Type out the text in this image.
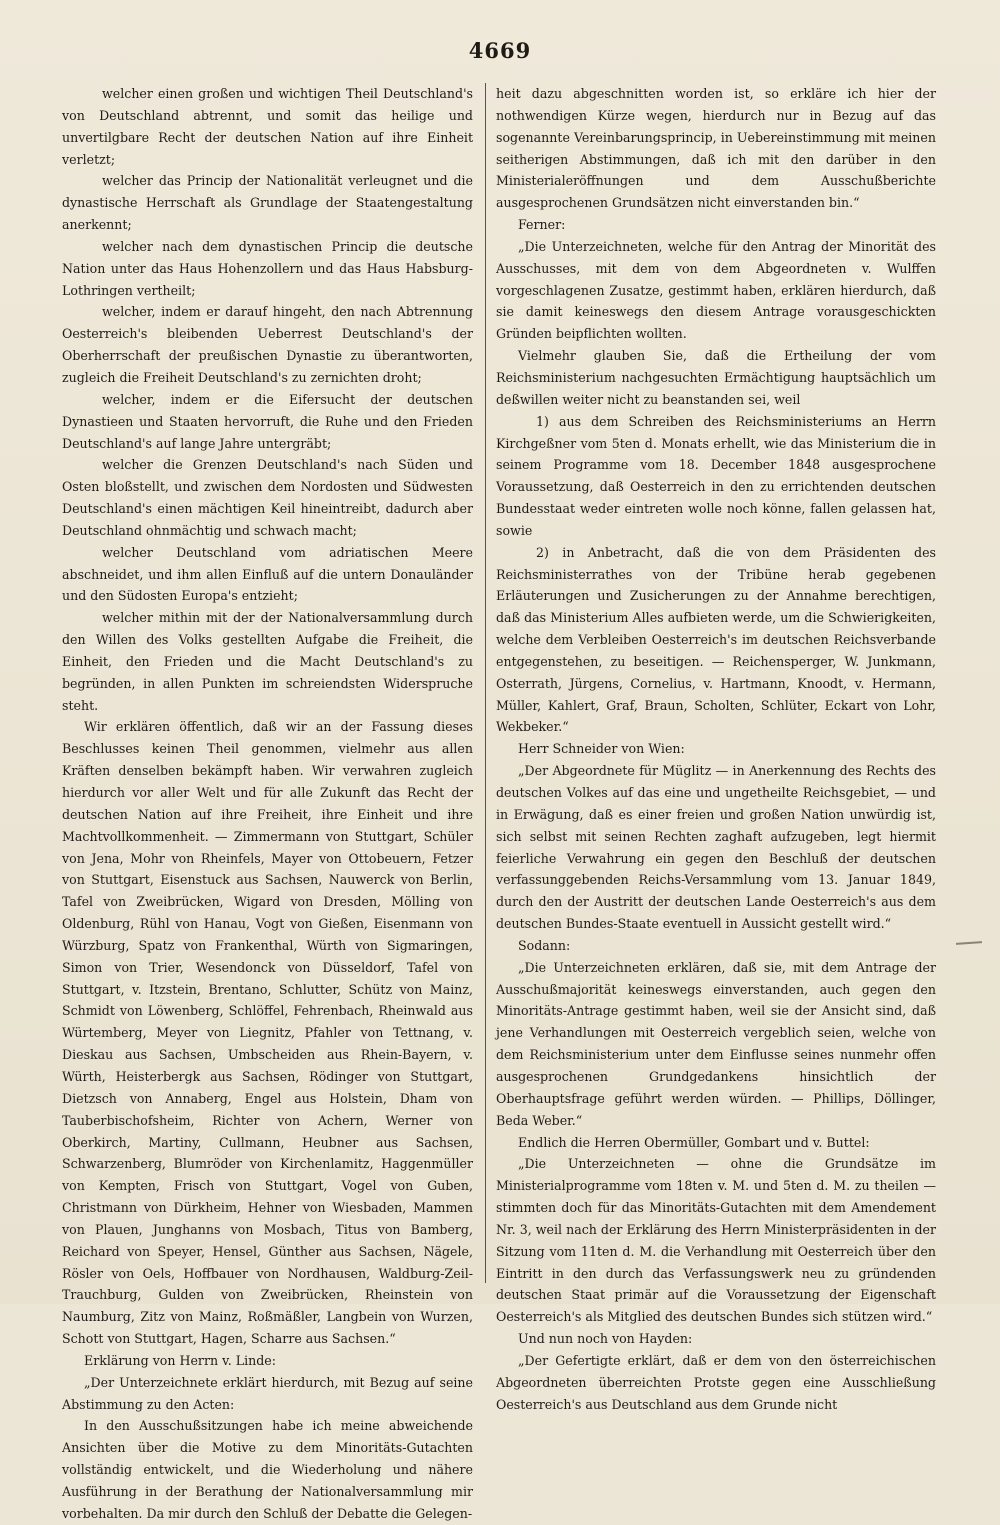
4669

welcher einen großen und wichtigen Theil Deutschland's von Deutschland abtrennt, und somit das heilige und unvertilgbare Recht der deutschen Nation auf ihre Einheit verletzt;

welcher das Princip der Nationalität verleugnet und die dynastische Herrschaft als Grundlage der Staatengestaltung anerkennt;

welcher nach dem dynastischen Princip die deutsche Nation unter das Haus Hohenzollern und das Haus Habsburg-Lothringen vertheilt;

welcher, indem er darauf hingeht, den nach Abtrennung Oesterreich's bleibenden Ueberrest Deutschland's der Oberherrschaft der preußischen Dynastie zu überantworten, zugleich die Freiheit Deutschland's zu zernichten droht;

welcher, indem er die Eifersucht der deutschen Dynastieen und Staaten hervorruft, die Ruhe und den Frieden Deutschland's auf lange Jahre untergräbt;

welcher die Grenzen Deutschland's nach Süden und Osten bloßstellt, und zwischen dem Nordosten und Südwesten Deutschland's einen mächtigen Keil hineintreibt, dadurch aber Deutschland ohnmächtig und schwach macht;

welcher Deutschland vom adriatischen Meere abschneidet, und ihm allen Einfluß auf die untern Donauländer und den Südosten Europa's entzieht;

welcher mithin mit der der Nationalversammlung durch den Willen des Volks gestellten Aufgabe die Freiheit, die Einheit, den Frieden und die Macht Deutschland's zu begründen, in allen Punkten im schreiendsten Widerspruche steht.

Wir erklären öffentlich, daß wir an der Fassung dieses Beschlusses keinen Theil genommen, vielmehr aus allen Kräften denselben bekämpft haben. Wir verwahren zugleich hierdurch vor aller Welt und für alle Zukunft das Recht der deutschen Nation auf ihre Freiheit, ihre Einheit und ihre Machtvollkommenheit. — Zimmermann von Stuttgart, Schüler von Jena, Mohr von Rheinfels, Mayer von Ottobeuern, Fetzer von Stuttgart, Eisenstuck aus Sachsen, Nauwerck von Berlin, Tafel von Zweibrücken, Wigard von Dresden, Mölling von Oldenburg, Rühl von Hanau, Vogt von Gießen, Eisenmann von Würzburg, Spatz von Frankenthal, Würth von Sigmaringen, Simon von Trier, Wesendonck von Düsseldorf, Tafel von Stuttgart, v. Itzstein, Brentano, Schlutter, Schütz von Mainz, Schmidt von Löwenberg, Schlöffel, Fehrenbach, Rheinwald aus Würtemberg, Meyer von Liegnitz, Pfahler von Tettnang, v. Dieskau aus Sachsen, Umbscheiden aus Rhein-Bayern, v. Würth, Heisterbergk aus Sachsen, Rödinger von Stuttgart, Dietzsch von Annaberg, Engel aus Holstein, Dham von Tauberbischofsheim, Richter von Achern, Werner von Oberkirch, Martiny, Cullmann, Heubner aus Sachsen, Schwarzenberg, Blumröder von Kirchenlamitz, Haggenmüller von Kempten, Frisch von Stuttgart, Vogel von Guben, Christmann von Dürkheim, Hehner von Wiesbaden, Mammen von Plauen, Junghanns von Mosbach, Titus von Bamberg, Reichard von Speyer, Hensel, Günther aus Sachsen, Nägele, Rösler von Oels, Hoffbauer von Nordhausen, Waldburg-Zeil-Trauchburg, Gulden von Zweibrücken, Rheinstein von Naumburg, Zitz von Mainz, Roßmäßler, Langbein von Wurzen, Schott von Stuttgart, Hagen, Scharre aus Sachsen.“

Erklärung von Herrn v. Linde:

„Der Unterzeichnete erklärt hierdurch, mit Bezug auf seine Abstimmung zu den Acten:

In den Ausschußsitzungen habe ich meine abweichende Ansichten über die Motive zu dem Minoritäts-Gutachten vollständig entwickelt, und die Wiederholung und nähere Ausführung in der Berathung der Nationalversammlung mir vorbehalten. Da mir durch den Schluß der Debatte die Gelegen-

heit dazu abgeschnitten worden ist, so erkläre ich hier der nothwendigen Kürze wegen, hierdurch nur in Bezug auf das sogenannte Vereinbarungsprincip, in Uebereinstimmung mit meinen seitherigen Abstimmungen, daß ich mit den darüber in den Ministerialeröffnungen und dem Ausschußberichte ausgesprochenen Grundsätzen nicht einverstanden bin.“

Ferner:

„Die Unterzeichneten, welche für den Antrag der Minorität des Ausschusses, mit dem von dem Abgeordneten v. Wulffen vorgeschlagenen Zusatze, gestimmt haben, erklären hierdurch, daß sie damit keineswegs den diesem Antrage vorausgeschickten Gründen beipflichten wollten.

Vielmehr glauben Sie, daß die Ertheilung der vom Reichsministerium nachgesuchten Ermächtigung hauptsächlich um deßwillen weiter nicht zu beanstanden sei, weil

1) aus dem Schreiben des Reichsministeriums an Herrn Kirchgeßner vom 5ten d. Monats erhellt, wie das Ministerium die in seinem Programme vom 18. December 1848 ausgesprochene Voraussetzung, daß Oesterreich in den zu errichtenden deutschen Bundesstaat weder eintreten wolle noch könne, fallen gelassen hat, sowie

2) in Anbetracht, daß die von dem Präsidenten des Reichsministerrathes von der Tribüne herab gegebenen Erläuterungen und Zusicherungen zu der Annahme berechtigen, daß das Ministerium Alles aufbieten werde, um die Schwierigkeiten, welche dem Verbleiben Oesterreich's im deutschen Reichsverbande entgegenstehen, zu beseitigen. — Reichensperger, W. Junkmann, Osterrath, Jürgens, Cornelius, v. Hartmann, Knoodt, v. Hermann, Müller, Kahlert, Graf, Braun, Scholten, Schlüter, Eckart von Lohr, Wekbeker.“

Herr Schneider von Wien:

„Der Abgeordnete für Müglitz — in Anerkennung des Rechts des deutschen Volkes auf das eine und ungetheilte Reichsgebiet, — und in Erwägung, daß es einer freien und großen Nation unwürdig ist, sich selbst mit seinen Rechten zaghaft aufzugeben, legt hiermit feierliche Verwahrung ein gegen den Beschluß der deutschen verfassunggebenden Reichs-Versammlung vom 13. Januar 1849, durch den der Austritt der deutschen Lande Oesterreich's aus dem deutschen Bundes-Staate eventuell in Aussicht gestellt wird.“

Sodann:

„Die Unterzeichneten erklären, daß sie, mit dem Antrage der Ausschußmajorität keineswegs einverstanden, auch gegen den Minoritäts-Antrage gestimmt haben, weil sie der Ansicht sind, daß jene Verhandlungen mit Oesterreich vergeblich seien, welche von dem Reichsministerium unter dem Einflusse seines nunmehr offen ausgesprochenen Grundgedankens hinsichtlich der Oberhauptsfrage geführt werden würden. — Phillips, Döllinger, Beda Weber.“

Endlich die Herren Obermüller, Gombart und v. Buttel:

„Die Unterzeichneten — ohne die Grundsätze im Ministerialprogramme vom 18ten v. M. und 5ten d. M. zu theilen — stimmten doch für das Minoritäts-Gutachten mit dem Amendement Nr. 3, weil nach der Erklärung des Herrn Ministerpräsidenten in der Sitzung vom 11ten d. M. die Verhandlung mit Oesterreich über den Eintritt in den durch das Verfassungswerk neu zu gründenden deutschen Staat primär auf die Voraussetzung der Eigenschaft Oesterreich's als Mitglied des deutschen Bundes sich stützen wird.“

Und nun noch von Hayden:

„Der Gefertigte erklärt, daß er dem von den österreichischen Abgeordneten überreichten Protste gegen eine Ausschließung Oesterreich's aus Deutschland aus dem Grunde nicht
